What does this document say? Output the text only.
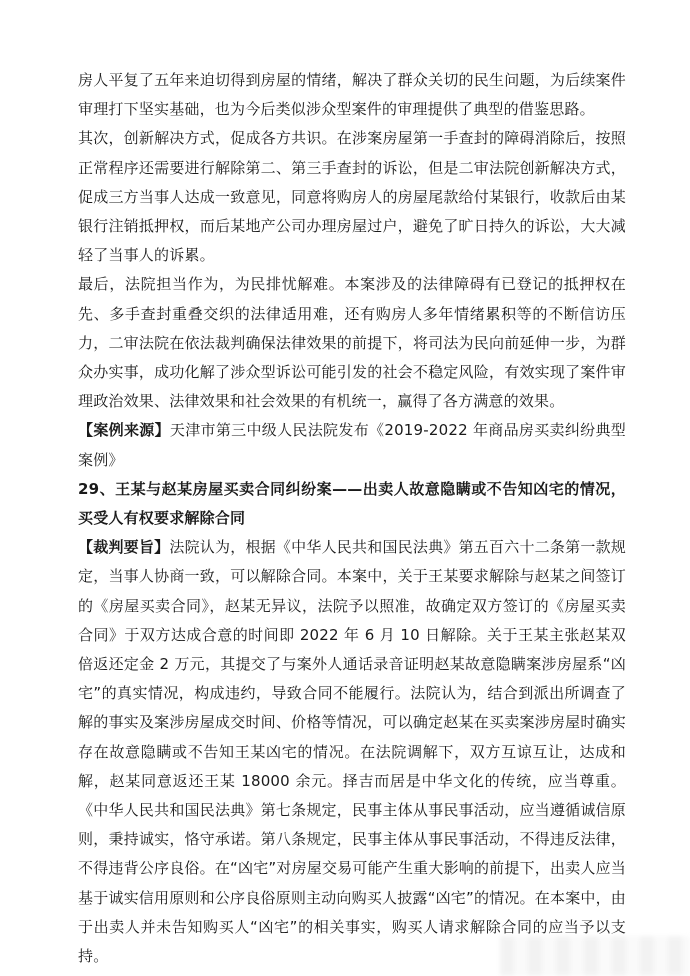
房人平复了五年来迫切得到房屋的情绪，解决了群众关切的民生问题，为后续案件审理打下坚实基础，也为今后类似涉众型案件的审理提供了典型的借鉴思路。

其次，创新解决方式，促成各方共识。在涉案房屋第一手查封的障碍消除后，按照正常程序还需要进行解除第二、第三手查封的诉讼，但是二审法院创新解决方式，促成三方当事人达成一致意见，同意将购房人的房屋尾款给付某银行，收款后由某银行注销抵押权，而后某地产公司办理房屋过户，避免了旷日持久的诉讼，大大减轻了当事人的诉累。

最后，法院担当作为，为民排忧解难。本案涉及的法律障碍有已登记的抵押权在先、多手查封重叠交织的法律适用难，还有购房人多年情绪累积等的不断信访压力，二审法院在依法裁判确保法律效果的前提下，将司法为民向前延伸一步，为群众办实事，成功化解了涉众型诉讼可能引发的社会不稳定风险，有效实现了案件审理政治效果、法律效果和社会效果的有机统一，赢得了各方满意的效果。

【案例来源】天津市第三中级人民法院发布《2019-2022 年商品房买卖纠纷典型案例》

29、王某与赵某房屋买卖合同纠纷案——出卖人故意隐瞒或不告知凶宅的情况，买受人有权要求解除合同

【裁判要旨】法院认为，根据《中华人民共和国民法典》第五百六十二条第一款规定，当事人协商一致，可以解除合同。本案中，关于王某要求解除与赵某之间签订的《房屋买卖合同》，赵某无异议，法院予以照准，故确定双方签订的《房屋买卖合同》于双方达成合意的时间即 2022 年 6 月 10 日解除。关于王某主张赵某双倍返还定金 2 万元，其提交了与案外人通话录音证明赵某故意隐瞒案涉房屋系“凶宅”的真实情况，构成违约，导致合同不能履行。法院认为，结合到派出所调查了解的事实及案涉房屋成交时间、价格等情况，可以确定赵某在买卖案涉房屋时确实存在故意隐瞒或不告知王某凶宅的情况。在法院调解下，双方互谅互让，达成和解，赵某同意返还王某 18000 余元。择吉而居是中华文化的传统，应当尊重。《中华人民共和国民法典》第七条规定，民事主体从事民事活动，应当遵循诚信原则，秉持诚实，恪守承诺。第八条规定，民事主体从事民事活动，不得违反法律，不得违背公序良俗。在“凶宅”对房屋交易可能产生重大影响的前提下，出卖人应当基于诚实信用原则和公序良俗原则主动向购买人披露“凶宅”的情况。在本案中，由于出卖人并未告知购买人“凶宅”的相关事实，购买人请求解除合同的应当予以支持。
